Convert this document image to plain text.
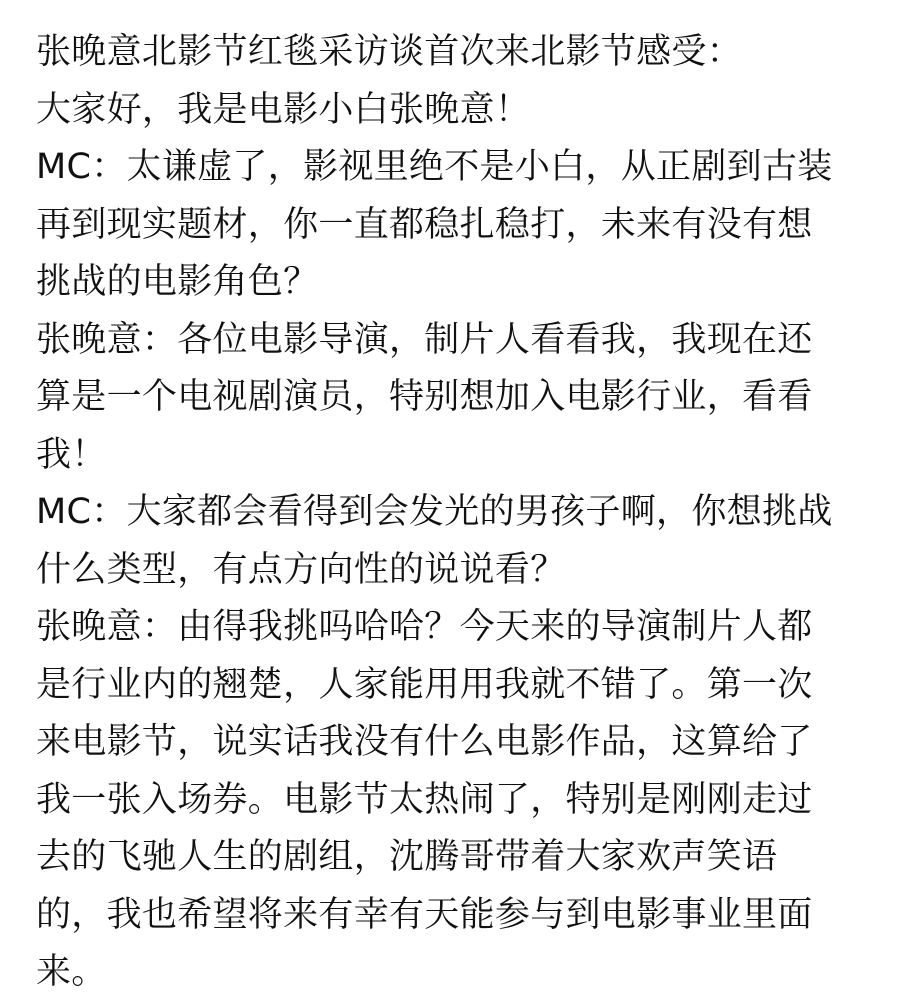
张晚意北影节红毯采访谈首次来北影节感受：
大家好，我是电影小白张晚意！
MC：太谦虚了，影视里绝不是小白，从正剧到古装
再到现实题材，你一直都稳扎稳打，未来有没有想
挑战的电影角色？
张晚意：各位电影导演，制片人看看我，我现在还
算是一个电视剧演员，特别想加入电影行业，看看
我！
MC：大家都会看得到会发光的男孩子啊，你想挑战
什么类型，有点方向性的说说看？
张晚意：由得我挑吗哈哈？今天来的导演制片人都
是行业内的翘楚，人家能用用我就不错了。第一次
来电影节，说实话我没有什么电影作品，这算给了
我一张入场券。电影节太热闹了，特别是刚刚走过
去的飞驰人生的剧组，沈腾哥带着大家欢声笑语
的，我也希望将来有幸有天能参与到电影事业里面
来。
